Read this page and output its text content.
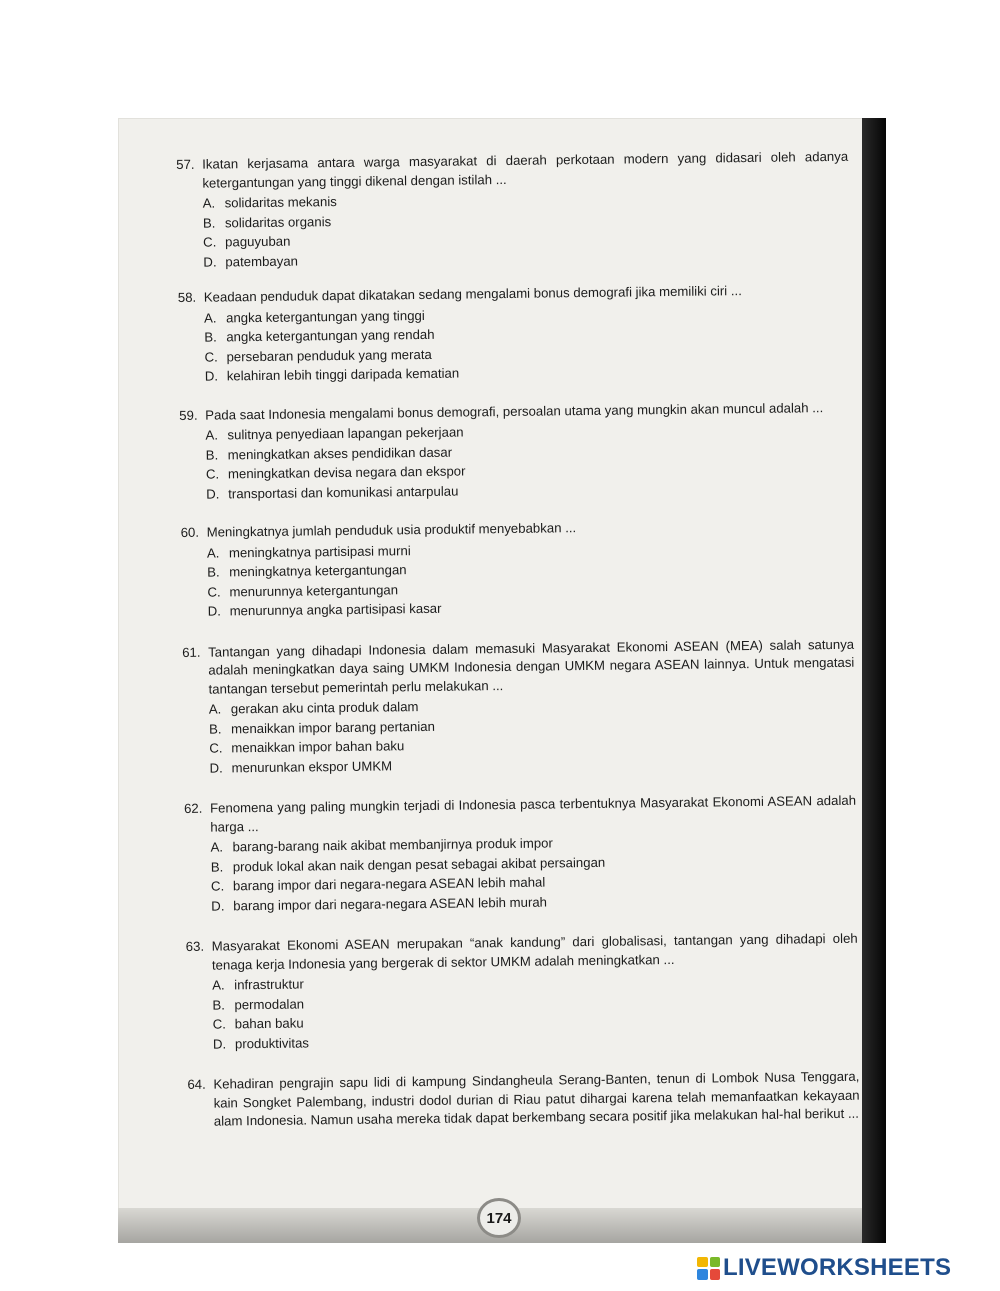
57. Ikatan kerjasama antara warga masyarakat di daerah perkotaan modern yang didasari oleh adanya ketergantungan yang tinggi dikenal dengan istilah ...
A. solidaritas mekanis
B. solidaritas organis
C. paguyuban
D. patembayan
58. Keadaan penduduk dapat dikatakan sedang mengalami bonus demografi jika memiliki ciri ...
A. angka ketergantungan yang tinggi
B. angka ketergantungan yang rendah
C. persebaran penduduk yang merata
D. kelahiran lebih tinggi daripada kematian
59. Pada saat Indonesia mengalami bonus demografi, persoalan utama yang mungkin akan muncul adalah ...
A. sulitnya penyediaan lapangan pekerjaan
B. meningkatkan akses pendidikan dasar
C. meningkatkan devisa negara dan ekspor
D. transportasi dan komunikasi antarpulau
60. Meningkatnya jumlah penduduk usia produktif menyebabkan ...
A. meningkatnya partisipasi murni
B. meningkatnya ketergantungan
C. menurunnya ketergantungan
D. menurunnya angka partisipasi kasar
61. Tantangan yang dihadapi Indonesia dalam memasuki Masyarakat Ekonomi ASEAN (MEA) salah satunya adalah meningkatkan daya saing UMKM Indonesia dengan UMKM negara ASEAN lainnya. Untuk mengatasi tantangan tersebut pemerintah perlu melakukan ...
A. gerakan aku cinta produk dalam
B. menaikkan impor barang pertanian
C. menaikkan impor bahan baku
D. menurunkan ekspor UMKM
62. Fenomena yang paling mungkin terjadi di Indonesia pasca terbentuknya Masyarakat Ekonomi ASEAN adalah harga ...
A. barang-barang naik akibat membanjirnya produk impor
B. produk lokal akan naik dengan pesat sebagai akibat persaingan
C. barang impor dari negara-negara ASEAN lebih mahal
D. barang impor dari negara-negara ASEAN lebih murah
63. Masyarakat Ekonomi ASEAN merupakan “anak kandung” dari globalisasi, tantangan yang dihadapi oleh tenaga kerja Indonesia yang bergerak di sektor UMKM adalah meningkatkan ...
A. infrastruktur
B. permodalan
C. bahan baku
D. produktivitas
64. Kehadiran pengrajin sapu lidi di kampung Sindangheula Serang-Banten, tenun di Lombok Nusa Tenggara, kain Songket Palembang, industri dodol durian di Riau patut dihargai karena telah memanfaatkan kekayaan alam Indonesia. Namun usaha mereka tidak dapat berkembang secara positif jika melakukan hal-hal berikut ...
174
LIVEWORKSHEETS
